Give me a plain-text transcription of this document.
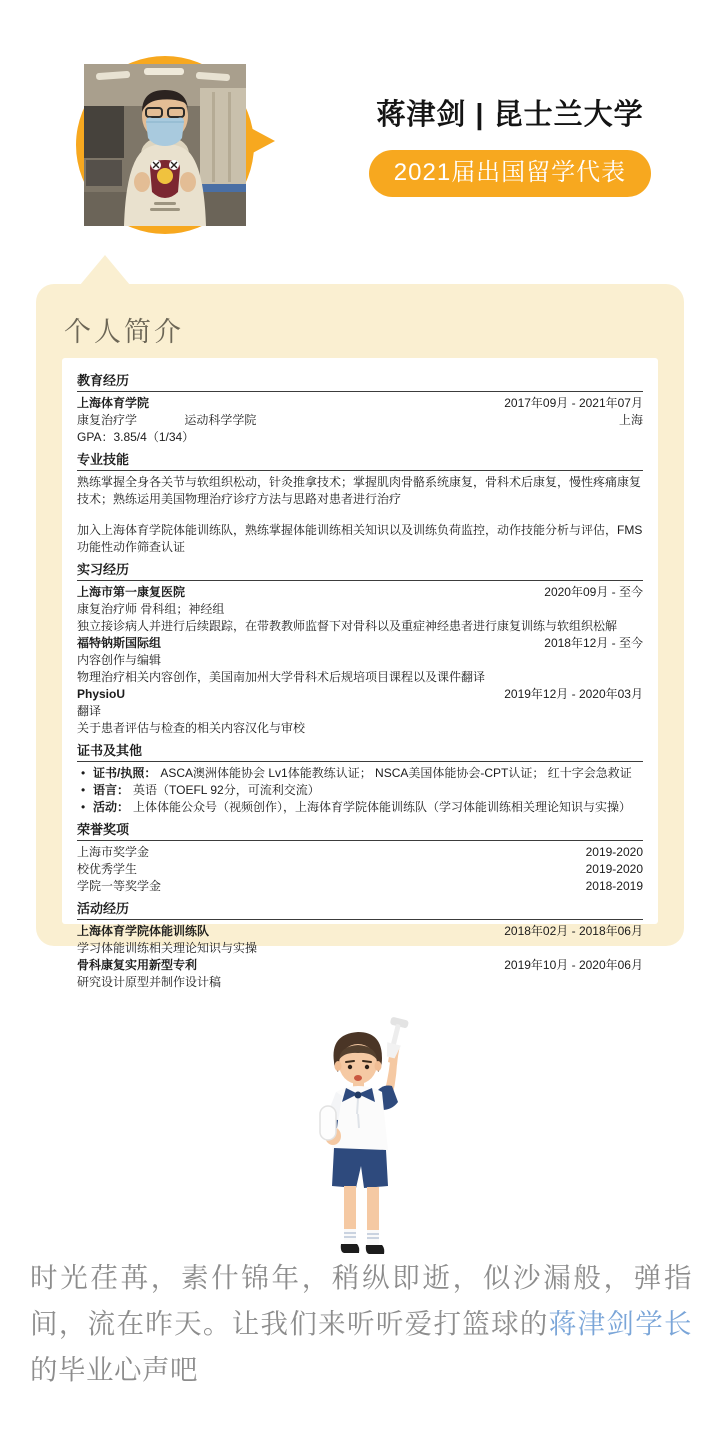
蒋津剑 | 昆士兰大学
2021届出国留学代表
个人简介
教育经历
上海体育学院	2017年09月 - 2021年07月
康复治疗学	运动科学学院	上海
GPA：3.85/4（1/34）
专业技能
熟练掌握全身各关节与软组织松动，针灸推拿技术；掌握肌肉骨骼系统康复，骨科术后康复，慢性疼痛康复技术；熟练运用美国物理治疗诊疗方法与思路对患者进行治疗
加入上海体育学院体能训练队，熟练掌握体能训练相关知识以及训练负荷监控，动作技能分析与评估，FMS功能性动作筛查认证
实习经历
上海市第一康复医院	2020年09月 - 至今
康复治疗师 骨科组；神经组
独立接诊病人并进行后续跟踪，在带教教师监督下对骨科以及重症神经患者进行康复训练与软组织松解
福特钠斯国际组	2018年12月 - 至今
内容创作与编辑
物理治疗相关内容创作，美国南加州大学骨科术后规培项目课程以及课件翻译
PhysioU	2019年12月 - 2020年03月
翻译
关于患者评估与检查的相关内容汉化与审校
证书及其他
• 证书/执照： ASCA澳洲体能协会 Lv1体能教练认证； NSCA美国体能协会-CPT认证； 红十字会急救证
• 语言： 英语（TOEFL 92分，可流利交流）
• 活动： 上体体能公众号（视频创作），上海体育学院体能训练队（学习体能训练相关理论知识与实操）
荣誉奖项
上海市奖学金	2019-2020
校优秀学生	2019-2020
学院一等奖学金	2018-2019
活动经历
上海体育学院体能训练队	2018年02月 - 2018年06月
学习体能训练相关理论知识与实操
骨科康复实用新型专利	2019年10月 - 2020年06月
研究设计原型并制作设计稿
时光荏苒，素什锦年，稍纵即逝，似沙漏般，弹指间，流在昨天。让我们来听听爱打篮球的蒋津剑学长的毕业心声吧
